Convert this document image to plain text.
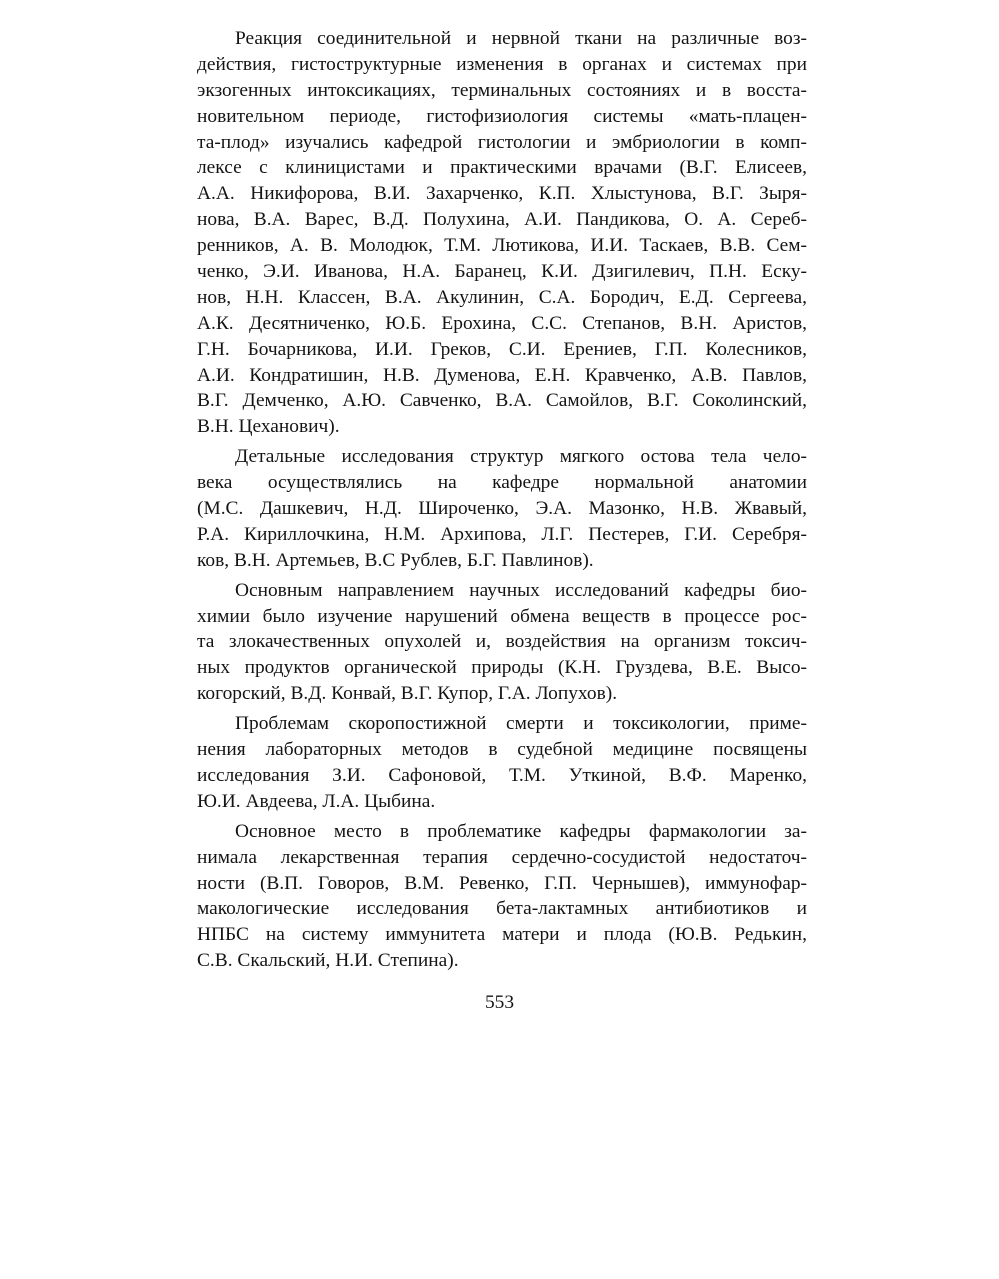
Реакция соединительной и нервной ткани на различные воз-
действия, гистоструктурные изменения в органах и системах при
экзогенных интоксикациях, терминальных состояниях и в восста-
новительном периоде, гистофизиология системы «мать-плацен-
та-плод» изучались кафедрой гистологии и эмбриологии в комп-
лексе с клиницистами и практическими врачами (В.Г. Елисеев,
А.А. Никифорова, В.И. Захарченко, К.П. Хлыстунова, В.Г. Зыря-
нова, В.А. Варес, В.Д. Полухина, А.И. Пандикова, О. А. Сереб-
ренников, А. В. Молодюк, Т.М. Лютикова, И.И. Таскаев, В.В. Сем-
ченко, Э.И. Иванова, Н.А. Баранец, К.И. Дзигилевич, П.Н. Еску-
нов, Н.Н. Классен, В.А. Акулинин, С.А. Бородич, Е.Д. Сергеева,
А.К. Десятниченко, Ю.Б. Ерохина, С.С. Степанов, В.Н. Аристов,
Г.Н. Бочарникова, И.И. Греков, С.И. Ерениев, Г.П. Колесников,
А.И. Кондратишин, Н.В. Думенова, Е.Н. Кравченко, А.В. Павлов,
В.Г. Демченко, А.Ю. Савченко, В.А. Самойлов, В.Г. Соколинский,
В.Н. Цеханович).
Детальные исследования структур мягкого остова тела чело-
века осуществлялись на кафедре нормальной анатомии
(М.С. Дашкевич, Н.Д. Широченко, Э.А. Мазонко, Н.В. Жвавый,
Р.А. Кириллочкина, Н.М. Архипова, Л.Г. Пестерев, Г.И. Серебря-
ков, В.Н. Артемьев, В.С Рублев, Б.Г. Павлинов).
Основным направлением научных исследований кафедры био-
химии было изучение нарушений обмена веществ в процессе рос-
та злокачественных опухолей и, воздействия на организм токсич-
ных продуктов органической природы (К.Н. Груздева, В.Е. Высо-
когорский, В.Д. Конвай, В.Г. Купор, Г.А. Лопухов).
Проблемам скоропостижной смерти и токсикологии, приме-
нения лабораторных методов в судебной медицине посвящены
исследования З.И. Сафоновой, Т.М. Уткиной, В.Ф. Маренко,
Ю.И. Авдеева, Л.А. Цыбина.
Основное место в проблематике кафедры фармакологии за-
нимала лекарственная терапия сердечно-сосудистой недостаточ-
ности (В.П. Говоров, В.М. Ревенко, Г.П. Чернышев), иммунофар-
макологические исследования бета-лактамных антибиотиков и
НПБС на систему иммунитета матери и плода (Ю.В. Редькин,
С.В. Скальский, Н.И. Степина).
553
